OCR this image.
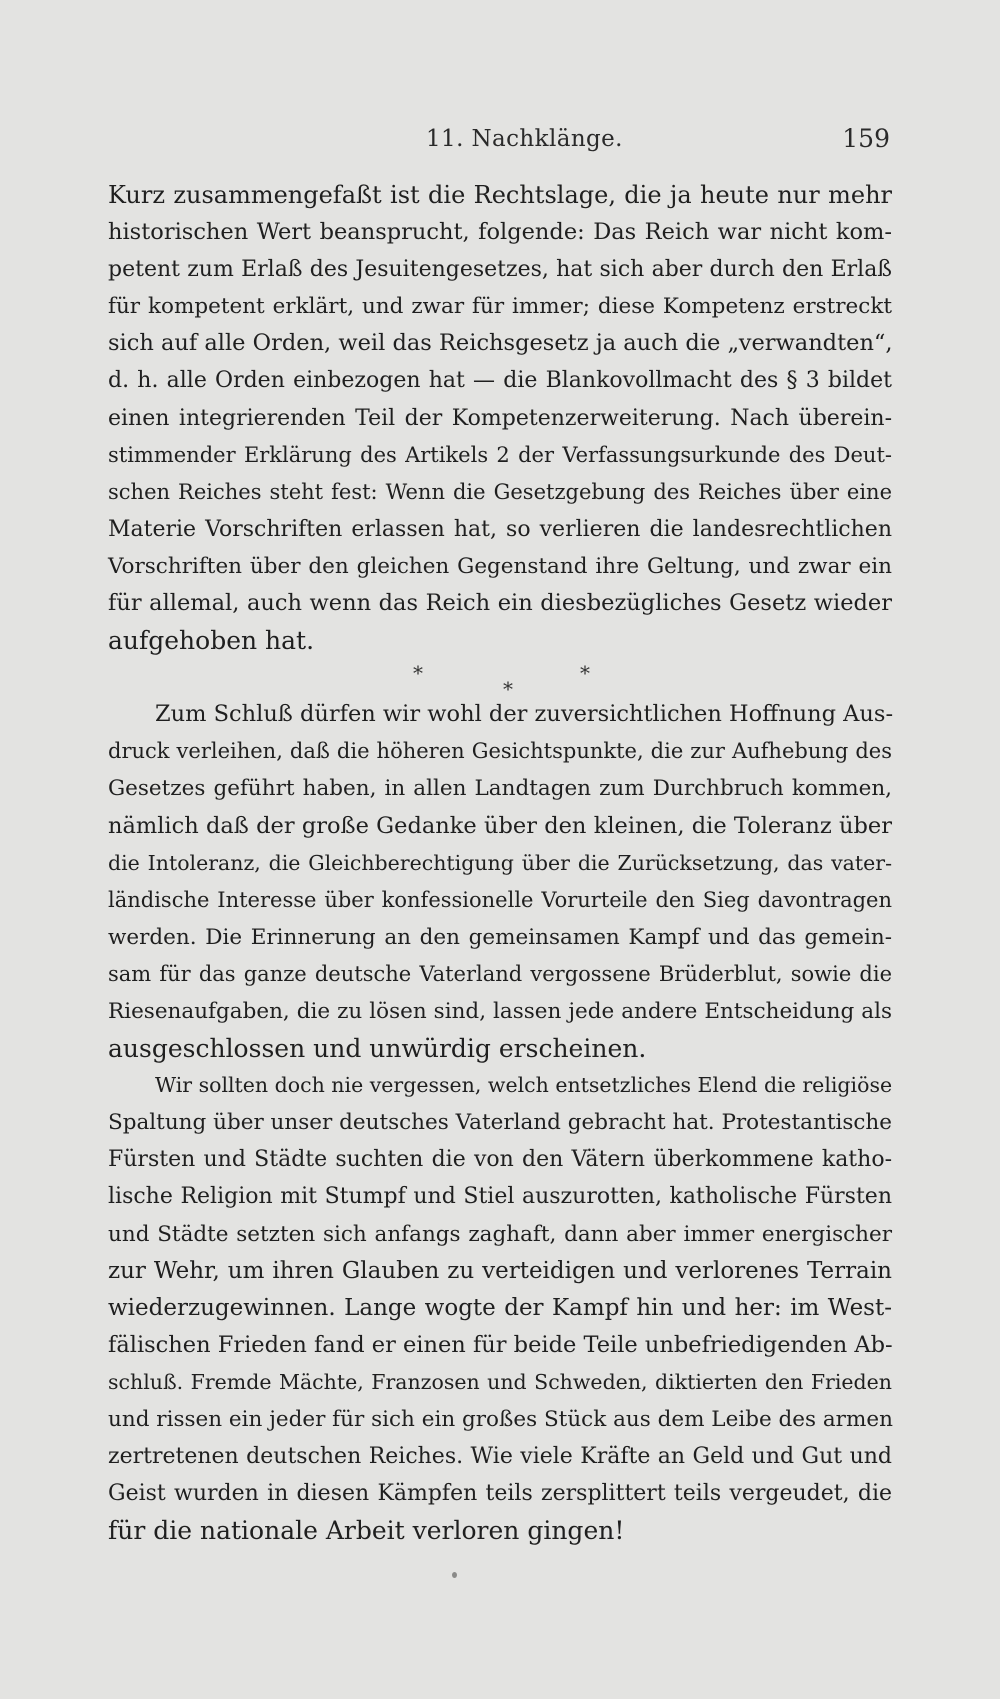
11. Nachklänge.	159
Kurz zusammengefaßt ist die Rechtslage, die ja heute nur mehr
historischen Wert beansprucht, folgende: Das Reich war nicht kom-
petent zum Erlaß des Jesuitengesetzes, hat sich aber durch den Erlaß
für kompetent erklärt, und zwar für immer; diese Kompetenz erstreckt
sich auf alle Orden, weil das Reichsgesetz ja auch die „verwandten“,
d. h. alle Orden einbezogen hat — die Blankovollmacht des § 3 bildet
einen integrierenden Teil der Kompetenzerweiterung. Nach überein-
stimmender Erklärung des Artikels 2 der Verfassungsurkunde des Deut-
schen Reiches steht fest: Wenn die Gesetzgebung des Reiches über eine
Materie Vorschriften erlassen hat, so verlieren die landesrechtlichen
Vorschriften über den gleichen Gegenstand ihre Geltung, und zwar ein
für allemal, auch wenn das Reich ein diesbezügliches Gesetz wieder
aufgehoben hat.
*
*
*
Zum Schluß dürfen wir wohl der zuversichtlichen Hoffnung Aus-
druck verleihen, daß die höheren Gesichtspunkte, die zur Aufhebung des
Gesetzes geführt haben, in allen Landtagen zum Durchbruch kommen,
nämlich daß der große Gedanke über den kleinen, die Toleranz über
die Intoleranz, die Gleichberechtigung über die Zurücksetzung, das vater-
ländische Interesse über konfessionelle Vorurteile den Sieg davontragen
werden. Die Erinnerung an den gemeinsamen Kampf und das gemein-
sam für das ganze deutsche Vaterland vergossene Brüderblut, sowie die
Riesenaufgaben, die zu lösen sind, lassen jede andere Entscheidung als
ausgeschlossen und unwürdig erscheinen.
Wir sollten doch nie vergessen, welch entsetzliches Elend die religiöse
Spaltung über unser deutsches Vaterland gebracht hat. Protestantische
Fürsten und Städte suchten die von den Vätern überkommene katho-
lische Religion mit Stumpf und Stiel auszurotten, katholische Fürsten
und Städte setzten sich anfangs zaghaft, dann aber immer energischer
zur Wehr, um ihren Glauben zu verteidigen und verlorenes Terrain
wiederzugewinnen. Lange wogte der Kampf hin und her: im West-
fälischen Frieden fand er einen für beide Teile unbefriedigenden Ab-
schluß. Fremde Mächte, Franzosen und Schweden, diktierten den Frieden
und rissen ein jeder für sich ein großes Stück aus dem Leibe des armen
zertretenen deutschen Reiches. Wie viele Kräfte an Geld und Gut und
Geist wurden in diesen Kämpfen teils zersplittert teils vergeudet, die
für die nationale Arbeit verloren gingen!
